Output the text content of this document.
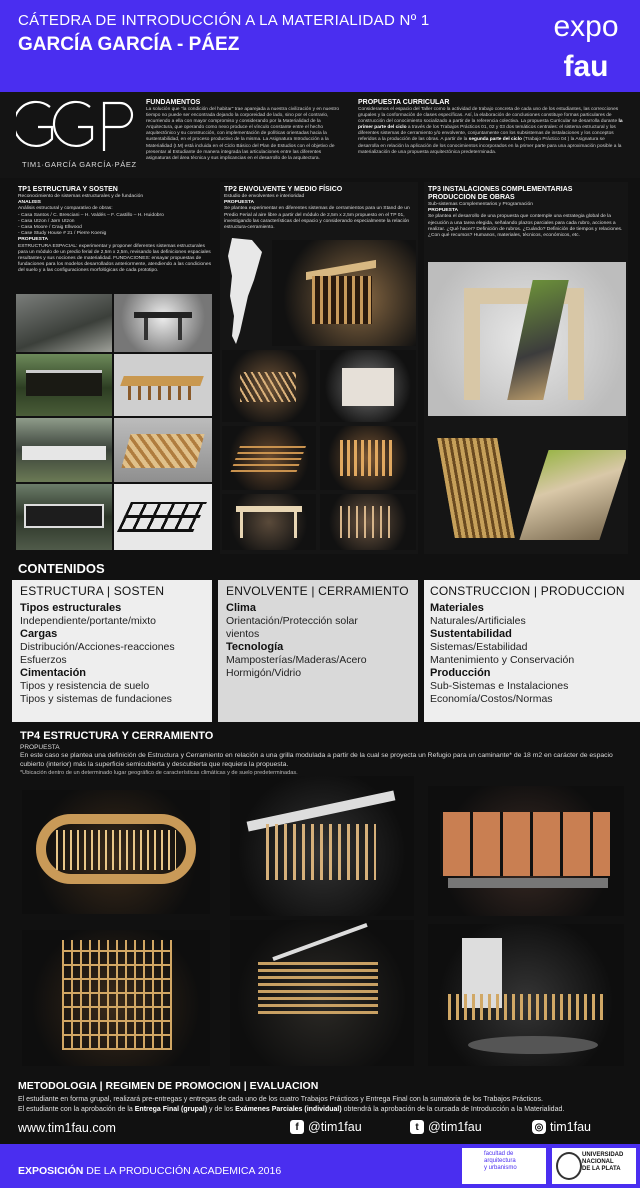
CÁTEDRA DE INTRODUCCIÓN A LA MATERIALIDAD Nº 1
GARCÍA GARCÍA - PÁEZ
expo
fau
TIM1·GARCÍA GARCÍA·PÁEZ
FUNDAMENTOS
La solución que "la condición del habitar" trae aparejada a nuestra civilización y en nuestro tiempo no puede ser encontrada dejando la corporeidad de lado, sino por el contrario, recurriendo a ella con mayor compromiso y considerando por la Materialidad de la Arquitectura, que operando como nexo produce el vínculo constante entre el hecho arquitectónico y su construcción, con implementación de políticas orientadas hacia la sustentabilidad, en el proceso productivo de la misma. La Asignatura Introducción a la Materialidad (I.M) está incluida en el Ciclo Básico del Plan de Estudios con el objetivo de presentar al Estudiante de manera integrada las articulaciones entre las diferentes asignaturas del área técnica y sus implicancias en el desarrollo de la arquitectura.
PROPUESTA CURRICULAR
Consideramos el espacio del Taller como la actividad de trabajo concreta de cada uno de los estudiantes, las correcciones grupales y la conformación de clases específicas. Así, la elaboración de conclusiones constituye formas particulares de construcción del conocimiento socializado a partir de la referencia colectiva. La propuesta Curricular se desarrolla durante la primer parte del ciclo a través de los Trabajos Prácticos 01, 02 y 03 dos temáticos centrales: el sistema estructural y los diferentes sistemas de cerramiento y/o envolvente, conjuntamente con los subsistemas de instalaciones y los conceptos referidos a la producción de las obras. A partir de la segunda parte del ciclo (Trabajo Práctico 04 ) la Asignatura se desarrolla en relación la aplicación de los conocimientos incorporados en la primer parte para una aproximación posible a la materialización de una propuesta arquitectónica predeterminada.
TP1 ESTRUCTURA Y SOSTEN
Reconocimiento de sistemas estructurales y de fundación
ANALISIS
Análisis estructural y comparativo de obras:
- Casa Santos / C. Bresciani – H. Valdés – F. Castillo – H. Huidobro
- Casa Utzon / Jørn Utzon
- Casa Moore / Craig Ellwood
- Case Study House # 21 / Pierre Koenig
PROPUESTA
ESTRUCTURA ESPACIAL: experimentar y proponer diferentes sistemas estructurales para un módulo de un predio ferial de 2,5m x 2,5m, revisando las definiciones espaciales resultantes y sus nociones de materialidad. FUNDACIONES: ensayar propuestas de fundaciones para los modelos desarrollados anteriormente, atendiendo a las condiciones del suelo y a las configuraciones morfológicas de cada prototipo.
TP2 ENVOLVENTE Y MEDIO FÍSICO
Estudio de envolventes e interioridad
PROPUESTA
Se plantea experimentar en diferentes sistemas de cerramientos para un Stand de un Predio Ferial al aire libre a partir del módulo de 2,5m x 2,5m propuesto en el TP 01, investigando las características del espacio y considerando especialmente la relación estructura-cerramiento.
TP3 INSTALACIONES COMPLEMENTARIAS
PRODUCCION DE OBRAS
Sub-sistemas Complementarios y Programación
PROPUESTA
Se plantea el desarrollo de una propuesta que contemple una estrategia global de la ejecución a una tarea elegida, señalando plazos parciales para cada rubro, acciones a realizar. ¿Qué hacer? Definición de rubros. ¿Cuándo? Definición de tiempos y relaciones. ¿Con qué recursos? Humanos, materiales, técnicos, económicos, etc.
CONTENIDOS
ESTRUCTURA | SOSTEN
Tipos estructurales
Independiente/portante/mixto
Cargas
Distribución/Acciones-reacciones
Esfuerzos
Cimentación
Tipos y resistencia de suelo
Tipos y sistemas de fundaciones
ENVOLVENTE | CERRAMIENTO
Clima
Orientación/Protección solar
vientos
Tecnología
Mamposterías/Maderas/Acero
Hormigón/Vidrio
CONSTRUCCION | PRODUCCION
Materiales
Naturales/Artificiales
Sustentabilidad
Sistemas/Estabilidad
Mantenimiento y Conservación
Producción
Sub-Sistemas e Instalaciones
Economía/Costos/Normas
TP4 ESTRUCTURA Y CERRAMIENTO
PROPUESTA
En este caso se plantea una definición de Estructura y Cerramiento en relación a una grilla modulada a partir de la cual se proyecta un Refugio para un caminante* de 18 m2 en carácter de espacio cubierto (interior) más la superficie semicubierta y descubierta que requiera la propuesta.
*Ubicación dentro de un determinado lugar geográfico de características climáticas y de suelo predeterminadas.
METODOLOGIA | REGIMEN DE PROMOCION | EVALUACION
El estudiante en forma grupal, realizará pre-entregas y entregas de cada uno de los cuatro Trabajos Prácticos y Entrega Final con la sumatoria de los Trabajos Prácticos.
El estudiante con la aprobación de la Entrega Final (grupal) y de los Exámenes Parciales (individual) obtendrá la aprobación de la cursada de Introducción a la Materialidad.
www.tim1fau.com	f @tim1fau	t @tim1fau	◎ tim1fau
EXPOSICIÓN DE LA PRODUCCIÓN ACADEMICA 2016
facultad de
arquitectura
y urbanismo
UNIVERSIDAD
NACIONAL
DE LA PLATA
